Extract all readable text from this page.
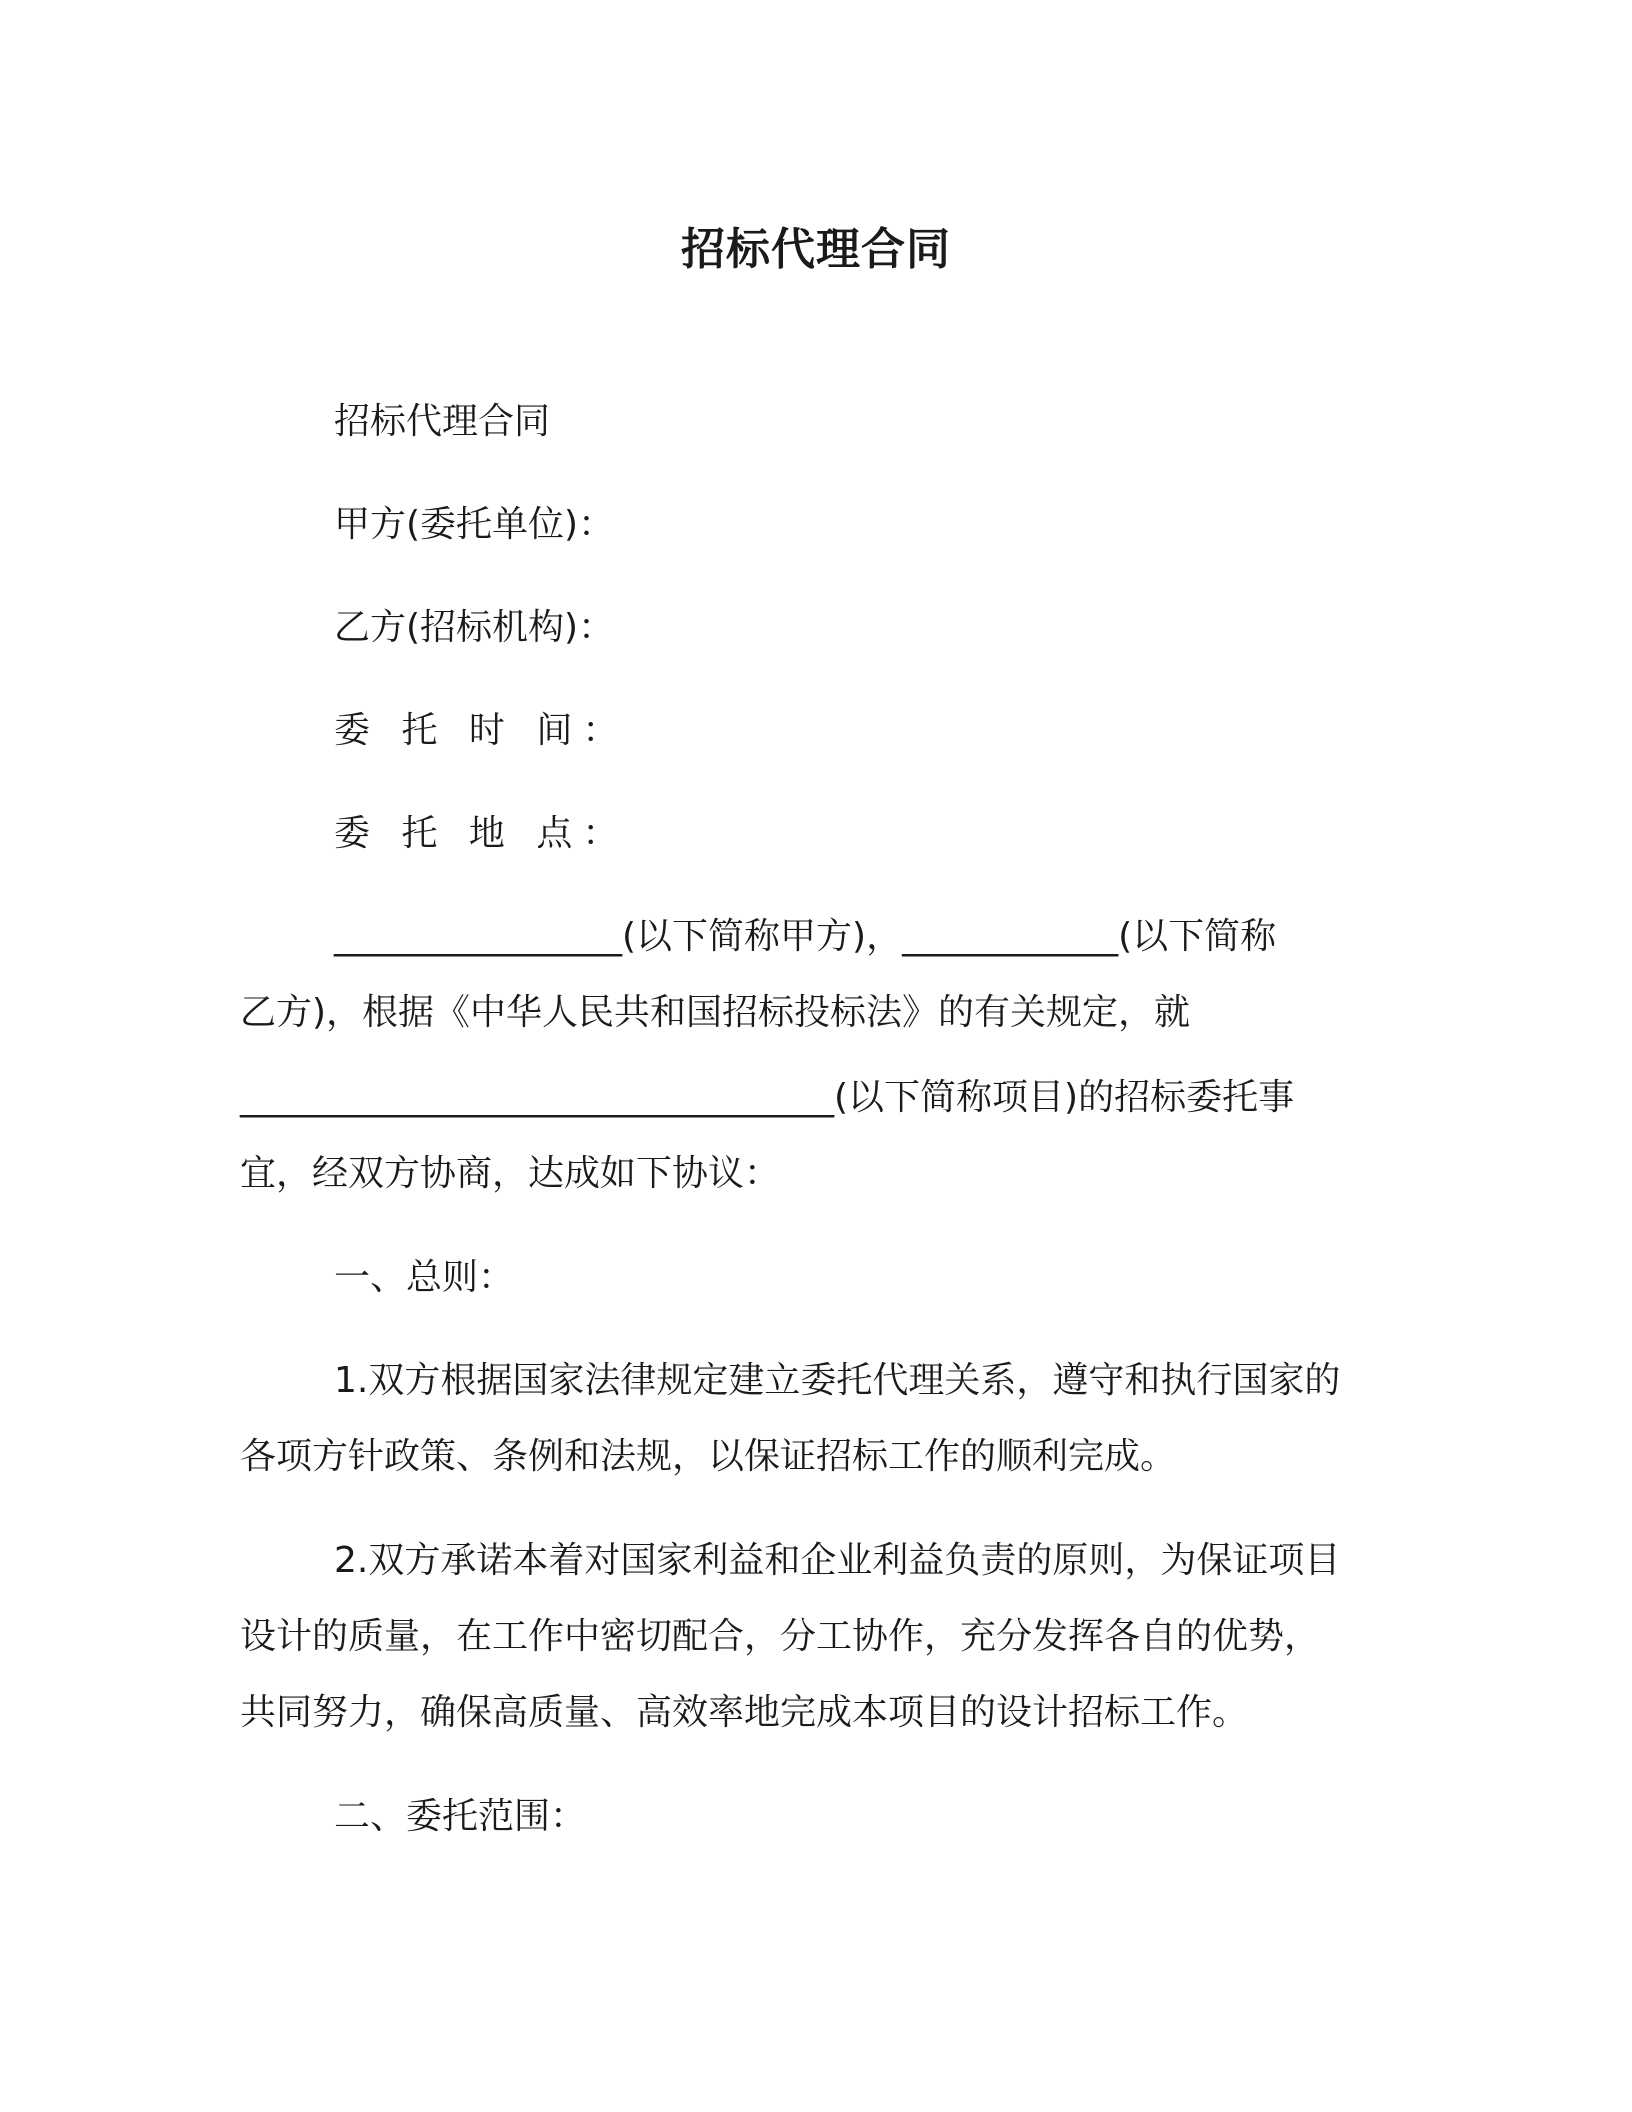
招标代理合同
招标代理合同
甲方(委托单位)：
乙方(招标机构)：
委 托 时 间：
委 托 地 点：
________________(以下简称甲方)，____________(以下简称
乙方)，根据《中华人民共和国招标投标法》的有关规定，就
_________________________________(以下简称项目)的招标委托事
宜，经双方协商，达成如下协议：
一、总则：
1.双方根据国家法律规定建立委托代理关系，遵守和执行国家的
各项方针政策、条例和法规，以保证招标工作的顺利完成。
2.双方承诺本着对国家利益和企业利益负责的原则，为保证项目
设计的质量，在工作中密切配合，分工协作，充分发挥各自的优势，
共同努力，确保高质量、高效率地完成本项目的设计招标工作。
二、委托范围：
